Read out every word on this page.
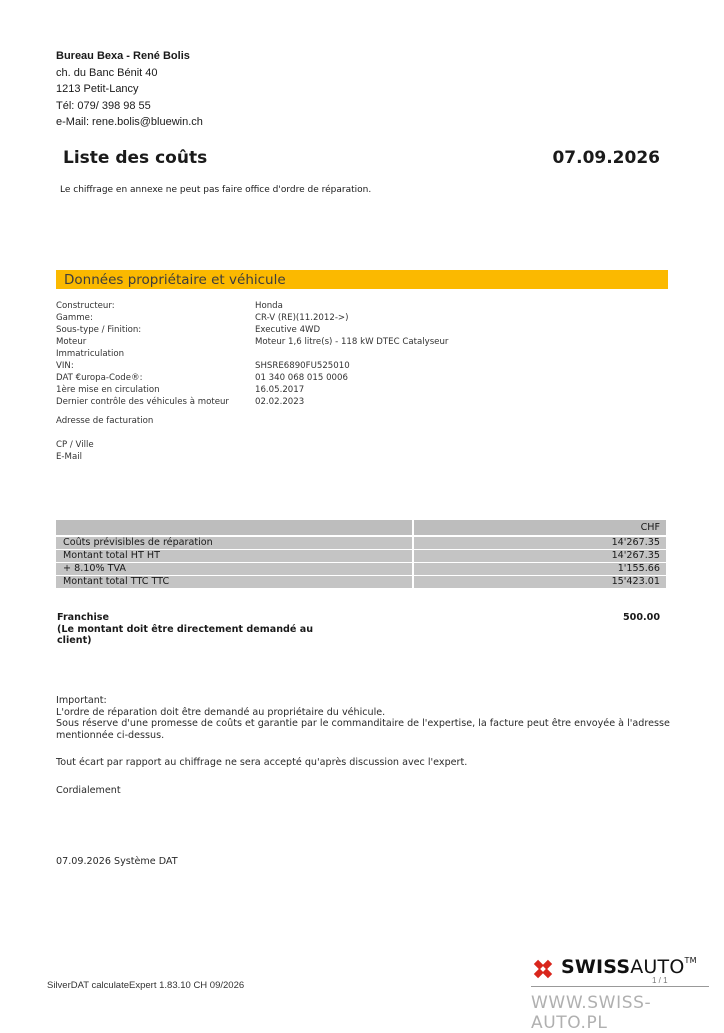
Bureau Bexa - René Bolis
ch. du Banc Bénit 40
1213 Petit-Lancy
Tél: 079/ 398 98 55
e-Mail: rene.bolis@bluewin.ch
Liste des coûts	07.09.2026
Le chiffrage en annexe ne peut pas faire office d'ordre de réparation.
Données propriétaire et véhicule
Constructeur:	Honda
Gamme:	CR-V (RE)(11.2012->)
Sous-type / Finition:	Executive 4WD
Moteur	Moteur 1,6 litre(s) - 118 kW DTEC Catalyseur
Immatriculation
VIN:	SHSRE6890FU525010
DAT €uropa-Code®:	01 340 068 015 0006
1ère mise en circulation	16.05.2017
Dernier contrôle des véhicules à moteur	02.02.2023
Adresse de facturation
CP / Ville
E-Mail
CHF
Coûts prévisibles de réparation	14'267.35
Montant total HT HT	14'267.35
+ 8.10% TVA	1'155.66
Montant total TTC TTC	15'423.01
Franchise
(Le montant doit être directement demandé au client)
500.00
Important:
L'ordre de réparation doit être demandé au propriétaire du véhicule.
Sous réserve d'une promesse de coûts et garantie par le commanditaire de l'expertise, la facture peut être envoyée à l'adresse mentionnée ci-dessus.
Tout écart par rapport au chiffrage ne sera accepté qu'après discussion avec l'expert.
Cordialement
07.09.2026 Système DAT
SilverDAT calculateExpert 1.83.10 CH 09/2026
SWISSAUTO™
1 / 1
WWW.SWISS-AUTO.PL
